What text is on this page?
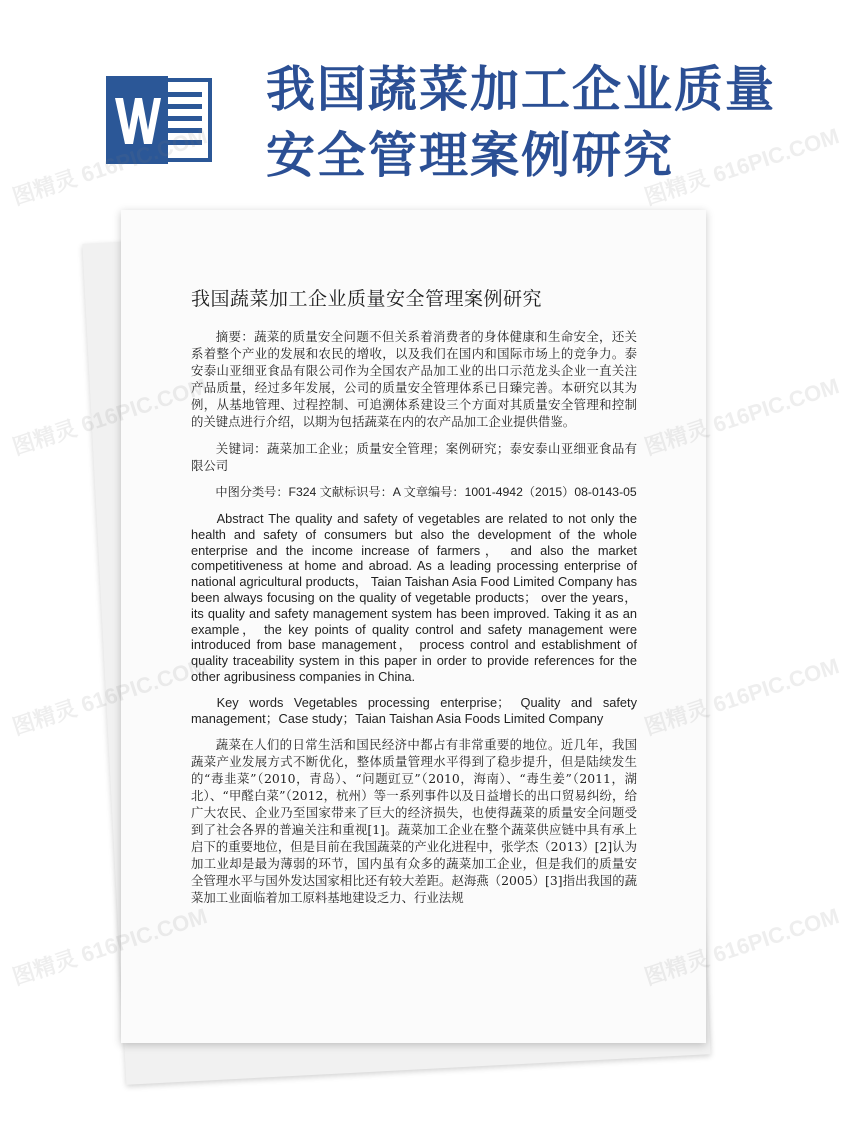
我国蔬菜加工企业质量
安全管理案例研究
我国蔬菜加工企业质量安全管理案例研究

摘要：蔬菜的质量安全问题不但关系着消费者的身体健康和生命安全，还关系着整个产业的发展和农民的增收，以及我们在国内和国际市场上的竞争力。泰安泰山亚细亚食品有限公司作为全国农产品加工业的出口示范龙头企业一直关注产品质量，经过多年发展，公司的质量安全管理体系已日臻完善。本研究以其为例，从基地管理、过程控制、可追溯体系建设三个方面对其质量安全管理和控制的关键点进行介绍，以期为包括蔬菜在内的农产品加工企业提供借鉴。

关键词：蔬菜加工企业；质量安全管理；案例研究；泰安泰山亚细亚食品有限公司

中图分类号：F324 文献标识号：A 文章编号：1001-4942（2015）08-0143-05

Abstract The quality and safety of vegetables are related to not only the health and safety of consumers but also the development of the whole enterprise and the income increase of farmers， and also the market competitiveness at home and abroad. As a leading processing enterprise of national agricultural products， Taian Taishan Asia Food Limited Company has been always focusing on the quality of vegetable products； over the years， its quality and safety management system has been improved. Taking it as an example， the key points of quality control and safety management were introduced from base management， process control and establishment of quality traceability system in this paper in order to provide references for the other agribusiness companies in China.

Key words Vegetables processing enterprise； Quality and safety management；Case study；Taian Taishan Asia Foods Limited Company

蔬菜在人们的日常生活和国民经济中都占有非常重要的地位。近几年，我国蔬菜产业发展方式不断优化，整体质量管理水平得到了稳步提升，但是陆续发生的“毒韭菜”（2010，青岛）、“问题豇豆”（2010，海南）、“毒生姜”（2011，湖北）、“甲醛白菜”（2012，杭州）等一系列事件以及日益增长的出口贸易纠纷，给广大农民、企业乃至国家带来了巨大的经济损失，也使得蔬菜的质量安全问题受到了社会各界的普遍关注和重视[1]。蔬菜加工企业在整个蔬菜供应链中具有承上启下的重要地位，但是目前在我国蔬菜的产业化进程中，张学杰（2013）[2]认为加工业却是最为薄弱的环节，国内虽有众多的蔬菜加工企业，但是我们的质量安全管理水平与国外发达国家相比还有较大差距。赵海燕（2005）[3]指出我国的蔬菜加工业面临着加工原料基地建设乏力、行业法规

图精灵 616PIC.COM	图精灵 616PIC.COM
图精灵	图精灵 616PIC.COM
图精灵	图精灵 616PIC.COM
图精灵 616PIC.COM	图精灵 616PIC.COM
